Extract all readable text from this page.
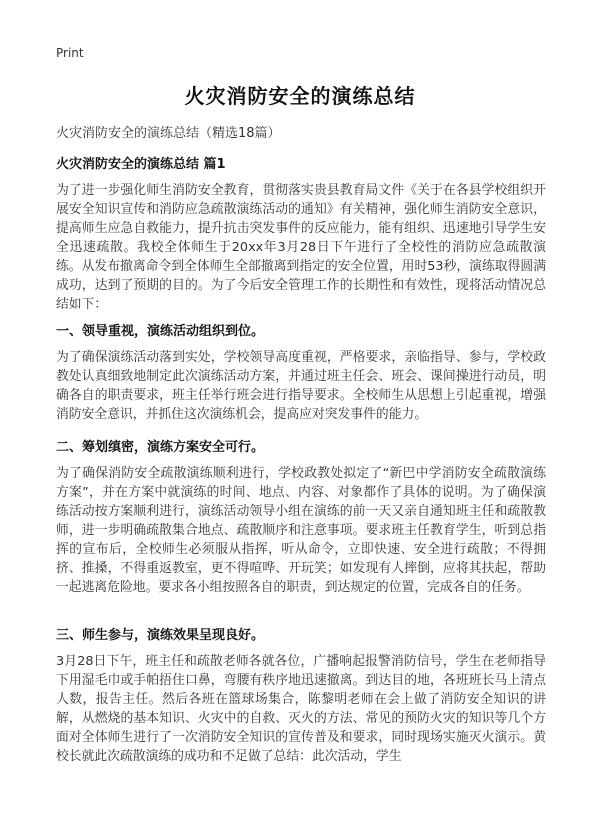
Print
火灾消防安全的演练总结
火灾消防安全的演练总结（精选18篇）
火灾消防安全的演练总结 篇1

为了进一步强化师生消防安全教育，贯彻落实贵县教育局文件《关于在各县学校组织开展安全知识宣传和消防应急疏散演练活动的通知》有关精神，强化师生消防安全意识，提高师生应急自救能力，提升抗击突发事件的反应能力，能有组织、迅速地引导学生安全迅速疏散。我校全体师生于20xx年3月28日下午进行了全校性的消防应急疏散演练。从发布撤离命令到全体师生全部撤离到指定的安全位置，用时53秒，演练取得圆满成功，达到了预期的目的。为了今后安全管理工作的长期性和有效性，现将活动情况总结如下：

一、领导重视，演练活动组织到位。

为了确保演练活动落到实处，学校领导高度重视，严格要求，亲临指导、参与，学校政教处认真细致地制定此次演练活动方案，并通过班主任会、班会、课间操进行动员，明确各自的职责要求，班主任举行班会进行指导要求。全校师生从思想上引起重视，增强消防安全意识，并抓住这次演练机会，提高应对突发事件的能力。

二、筹划缜密，演练方案安全可行。

为了确保消防安全疏散演练顺利进行，学校政教处拟定了“新巴中学消防安全疏散演练方案”，并在方案中就演练的时间、地点、内容、对象都作了具体的说明。为了确保演练活动按方案顺利进行，演练活动领导小组在演练的前一天又亲自通知班主任和疏散教师，进一步明确疏散集合地点、疏散顺序和注意事项。要求班主任教育学生，听到总指挥的宣布后，全校师生必须服从指挥，听从命令，立即快速、安全进行疏散；不得拥挤、推搡，不得重返教室，更不得喧哗、开玩笑；如发现有人摔倒，应将其扶起，帮助一起逃离危险地。要求各小组按照各自的职责，到达规定的位置，完成各自的任务。

三、师生参与，演练效果呈现良好。

3月28日下午，班主任和疏散老师各就各位，广播响起报警消防信号，学生在老师指导下用湿毛巾或手帕捂住口鼻，弯腰有秩序地迅速撤离。到达目的地，各班班长马上清点人数，报告主任。然后各班在篮球场集合，陈黎明老师在会上做了消防安全知识的讲解，从燃烧的基本知识、火灾中的自救、灭火的方法、常见的预防火灾的知识等几个方面对全体师生进行了一次消防安全知识的宣传普及和要求，同时现场实施灭火演示。黄校长就此次疏散演练的成功和不足做了总结：此次活动，学生
